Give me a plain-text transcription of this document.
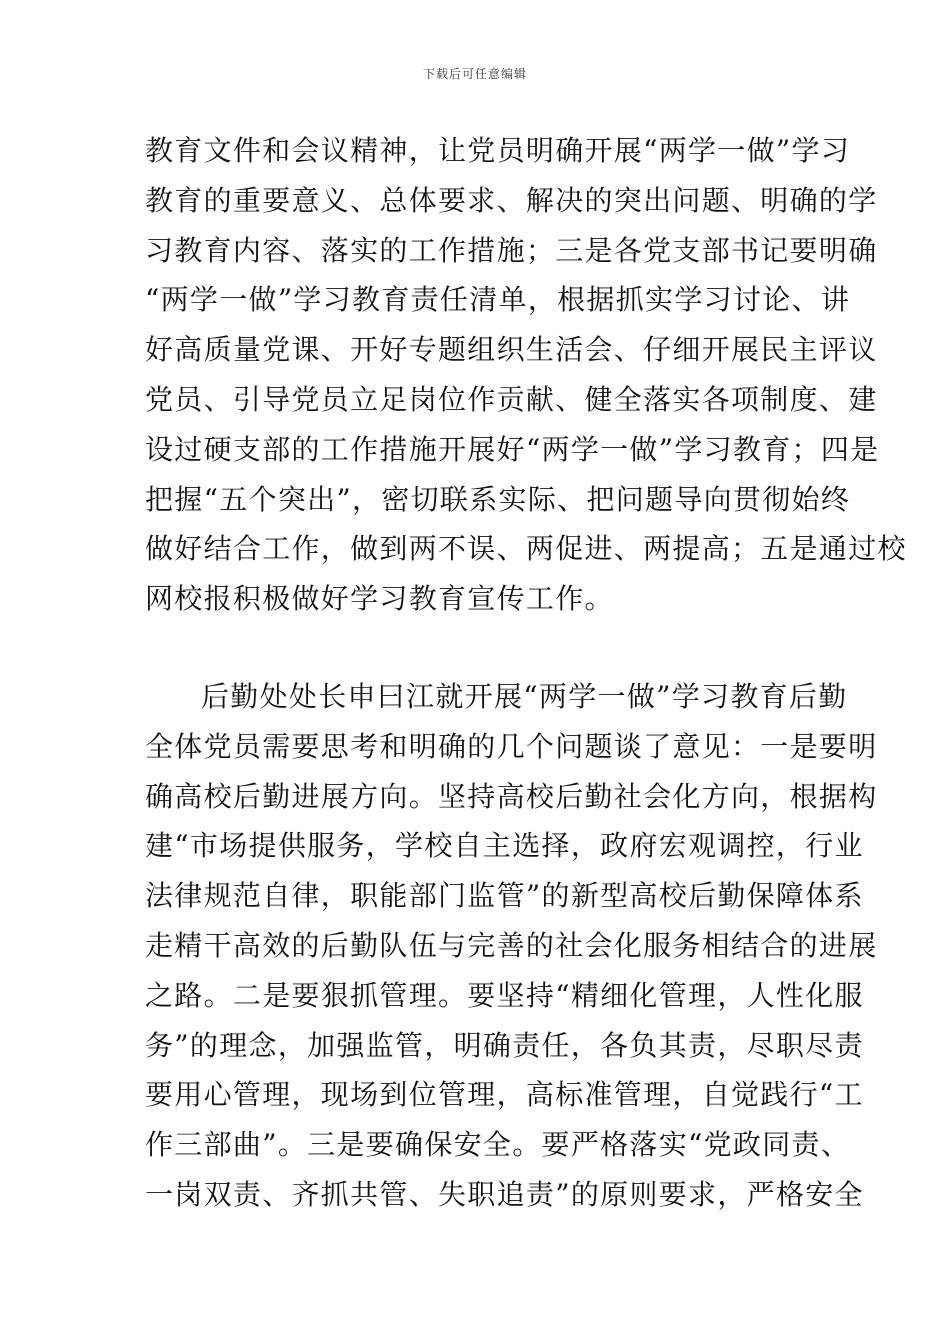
下载后可任意编辑
教育文件和会议精神，让党员明确开展“两学一做”学习
教育的重要意义、总体要求、解决的突出问题、明确的学
习教育内容、落实的工作措施；三是各党支部书记要明确
“两学一做”学习教育责任清单，根据抓实学习讨论、讲
好高质量党课、开好专题组织生活会、仔细开展民主评议
党员、引导党员立足岗位作贡献、健全落实各项制度、建
设过硬支部的工作措施开展好“两学一做”学习教育；四是
把握“五个突出”，密切联系实际、把问题导向贯彻始终
做好结合工作，做到两不误、两促进、两提高；五是通过校
网校报积极做好学习教育宣传工作。
后勤处处长申曰江就开展“两学一做”学习教育后勤
全体党员需要思考和明确的几个问题谈了意见：一是要明
确高校后勤进展方向。坚持高校后勤社会化方向，根据构
建“市场提供服务，学校自主选择，政府宏观调控，行业
法律规范自律，职能部门监管”的新型高校后勤保障体系
走精干高效的后勤队伍与完善的社会化服务相结合的进展
之路。二是要狠抓管理。要坚持“精细化管理，人性化服
务”的理念，加强监管，明确责任，各负其责，尽职尽责
要用心管理，现场到位管理，高标准管理，自觉践行“工
作三部曲”。三是要确保安全。要严格落实“党政同责、
一岗双责、齐抓共管、失职追责”的原则要求，严格安全
